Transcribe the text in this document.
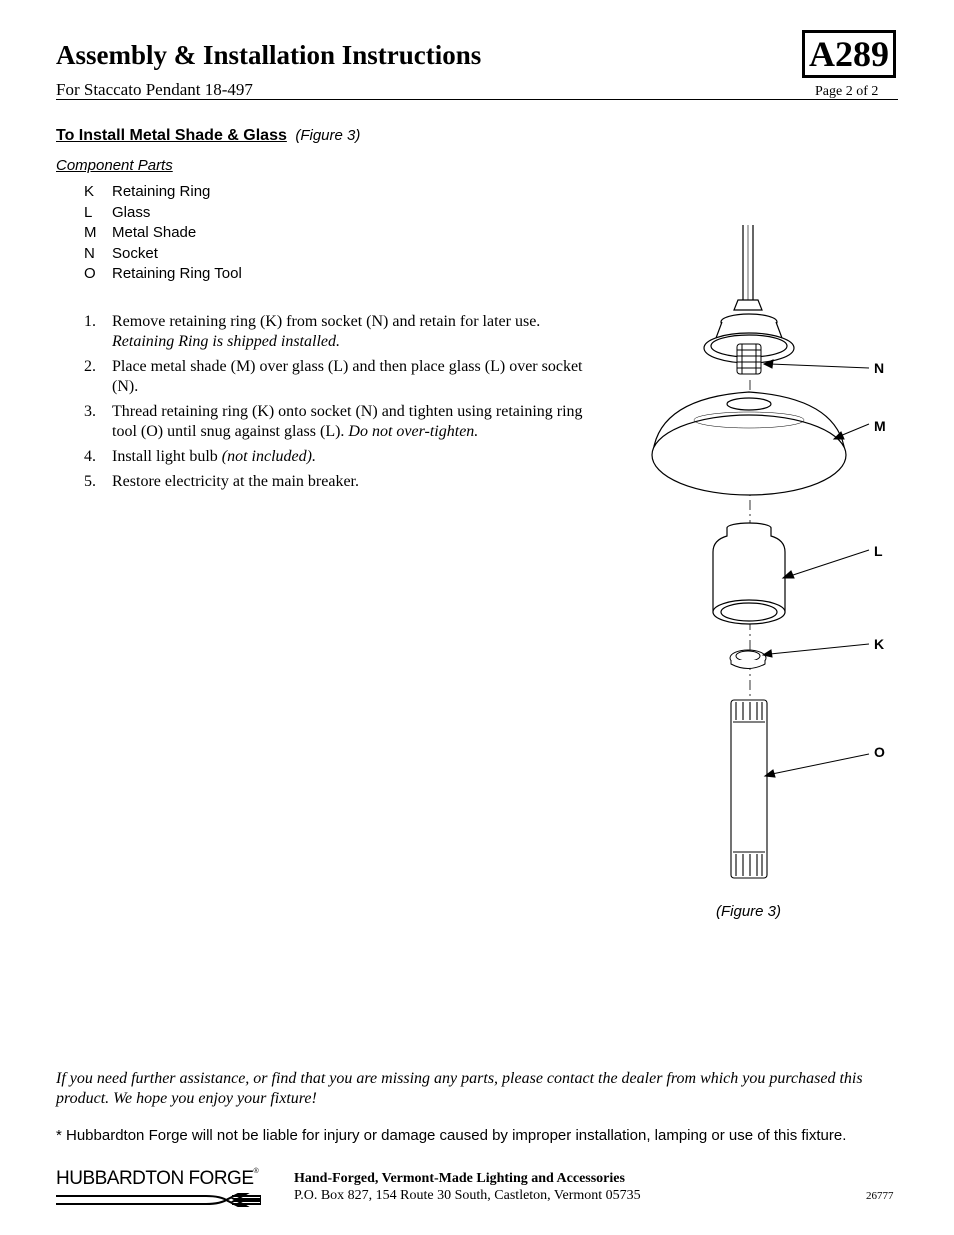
Assembly & Installation Instructions
For Staccato Pendant 18-497
A289
Page 2 of 2
To Install Metal Shade & Glass (Figure 3)
Component Parts
K	Retaining Ring
L	Glass
M	Metal Shade
N	Socket
O	Retaining Ring Tool
1.	Remove retaining ring (K) from socket (N) and retain for later use.
Retaining Ring is shipped installed.
2.	Place metal shade (M) over glass (L) and then place glass (L) over socket (N).
3.	Thread retaining ring (K) onto socket (N) and tighten using retaining ring tool (O) until snug against glass (L). Do not over-tighten.
4.	Install light bulb (not included).
5.	Restore electricity at the main breaker.
N
M
L
K
O
(Figure 3)
If you need further assistance, or find that you are missing any parts, please contact the dealer from which you purchased this product. We hope you enjoy your fixture!
* Hubbardton Forge will not be liable for injury or damage caused by improper installation, lamping or use of this fixture.
HUBBARDTON FORGE®	Hand-Forged, Vermont-Made Lighting and Accessories
P.O. Box 827, 154 Route 30 South, Castleton, Vermont 05735	26777
